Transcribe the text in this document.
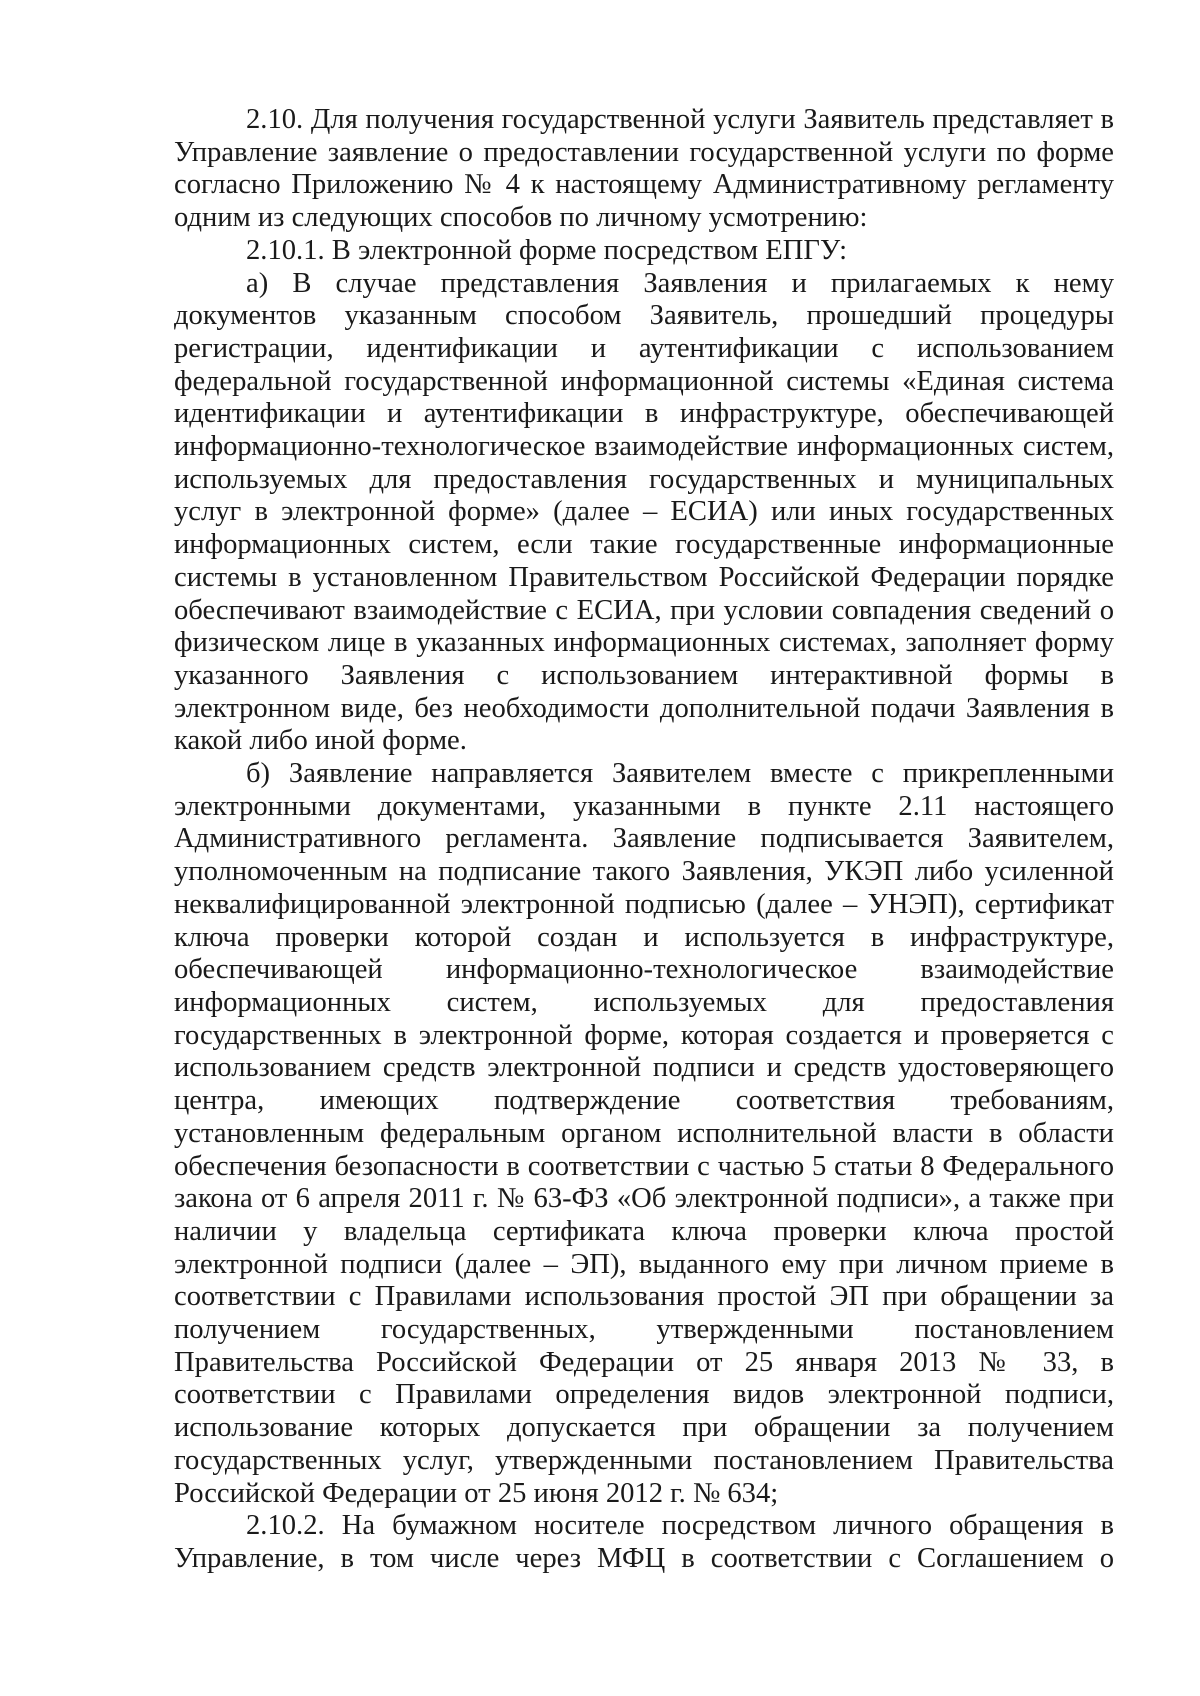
2.10. Для получения государственной услуги Заявитель представляет в Управление заявление о предоставлении государственной услуги по форме согласно Приложению № 4 к настоящему Административному регламенту одним из следующих способов по личному усмотрению:

2.10.1. В электронной форме посредством ЕПГУ:

а) В случае представления Заявления и прилагаемых к нему документов указанным способом Заявитель, прошедший процедуры регистрации, идентификации и аутентификации с использованием федеральной государственной информационной системы «Единая система идентификации и аутентификации в инфраструктуре, обеспечивающей информационно-технологическое взаимодействие информационных систем, используемых для предоставления государственных и муниципальных услуг в электронной форме» (далее – ЕСИА) или иных государственных информационных систем, если такие государственные информационные системы в установленном Правительством Российской Федерации порядке обеспечивают взаимодействие с ЕСИА, при условии совпадения сведений о физическом лице в указанных информационных системах, заполняет форму указанного Заявления с использованием интерактивной формы в электронном виде, без необходимости дополнительной подачи Заявления в какой либо иной форме.

б) Заявление направляется Заявителем вместе с прикрепленными электронными документами, указанными в пункте 2.11 настоящего Административного регламента. Заявление подписывается Заявителем, уполномоченным на подписание такого Заявления, УКЭП либо усиленной неквалифицированной электронной подписью (далее – УНЭП), сертификат ключа проверки которой создан и используется в инфраструктуре, обеспечивающей информационно-технологическое взаимодействие информационных систем, используемых для предоставления государственных в электронной форме, которая создается и проверяется с использованием средств электронной подписи и средств удостоверяющего центра, имеющих подтверждение соответствия требованиям, установленным федеральным органом исполнительной власти в области обеспечения безопасности в соответствии с частью 5 статьи 8 Федерального закона от 6 апреля 2011 г. № 63-ФЗ «Об электронной подписи», а также при наличии у владельца сертификата ключа проверки ключа простой электронной подписи (далее – ЭП), выданного ему при личном приеме в соответствии с Правилами использования простой ЭП при обращении за получением государственных, утвержденными постановлением Правительства Российской Федерации от 25 января 2013 № 33, в соответствии с Правилами определения видов электронной подписи, использование которых допускается при обращении за получением государственных услуг, утвержденными постановлением Правительства Российской Федерации от 25 июня 2012 г. № 634;

2.10.2. На бумажном носителе посредством личного обращения в Управление, в том числе через МФЦ в соответствии с Соглашением о
